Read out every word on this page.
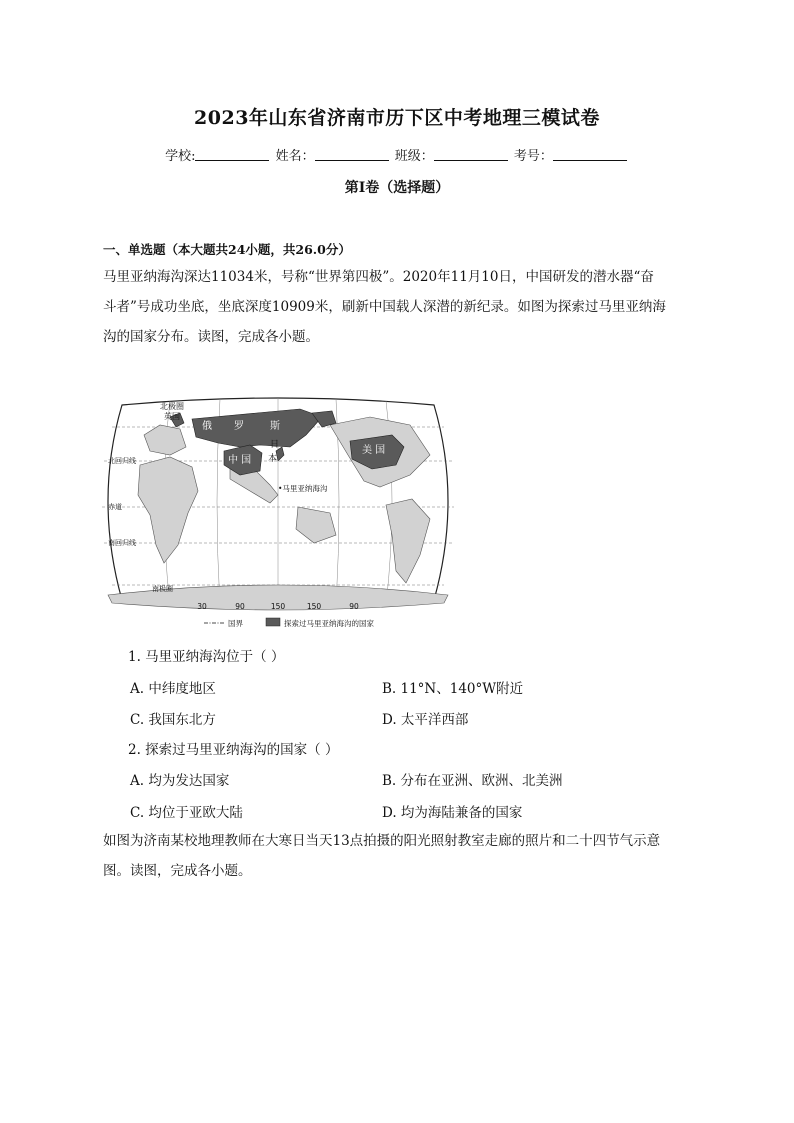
2023年山东省济南市历下区中考地理三模试卷
学校:	姓名：	班级：	考号：
第I卷（选择题）
一、单选题（本大题共24小题，共26.0分）
马里亚纳海沟深达11034米，号称“世界第四极”。2020年11月10日，中国研发的潜水器“奋
斗者”号成功坐底，坐底深度10909米，刷新中国载人深潜的新纪录。如图为探索过马里亚纳海
沟的国家分布。读图，完成各小题。
北极圈
英国
俄 罗	斯
日
本
中 国
美 国
•马里亚纳海沟
北回归线
赤道
南回归线
南极圈
30	90	150	150	90
国界	探索过马里亚纳海沟的国家
1. 马里亚纳海沟位于（ ）
A. 中纬度地区	B. 11°N、140°W附近
C. 我国东北方	D. 太平洋西部
2. 探索过马里亚纳海沟的国家（ ）
A. 均为发达国家	B. 分布在亚洲、欧洲、北美洲
C. 均位于亚欧大陆	D. 均为海陆兼备的国家
如图为济南某校地理教师在大寒日当天13点拍摄的阳光照射教室走廊的照片和二十四节气示意
图。读图，完成各小题。
